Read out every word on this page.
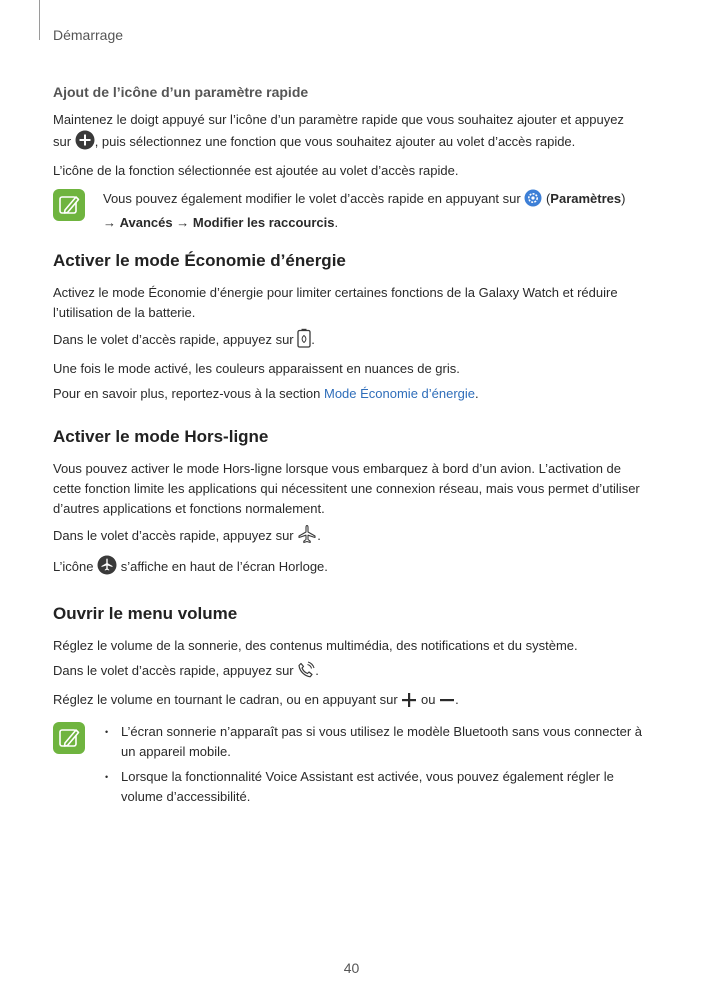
Démarrage
Ajout de l’icône d’un paramètre rapide

Maintenez le doigt appuyé sur l’icône d’un paramètre rapide que vous souhaitez ajouter et appuyez
sur , puis sélectionnez une fonction que vous souhaitez ajouter au volet d’accès rapide.

L’icône de la fonction sélectionnée est ajoutée au volet d’accès rapide.

Vous pouvez également modifier le volet d’accès rapide en appuyant sur (Paramètres)
→ Avancés → Modifier les raccourcis.

Activer le mode Économie d’énergie

Activez le mode Économie d’énergie pour limiter certaines fonctions de la Galaxy Watch et réduire l’utilisation de la batterie.

Dans le volet d’accès rapide, appuyez sur .

Une fois le mode activé, les couleurs apparaissent en nuances de gris.

Pour en savoir plus, reportez-vous à la section Mode Économie d’énergie.

Activer le mode Hors-ligne

Vous pouvez activer le mode Hors-ligne lorsque vous embarquez à bord d’un avion. L’activation de cette fonction limite les applications qui nécessitent une connexion réseau, mais vous permet d’utiliser d’autres applications et fonctions normalement.

Dans le volet d’accès rapide, appuyez sur .

L’icône s’affiche en haut de l’écran Horloge.

Ouvrir le menu volume

Réglez le volume de la sonnerie, des contenus multimédia, des notifications et du système.

Dans le volet d’accès rapide, appuyez sur .

Réglez le volume en tournant le cadran, ou en appuyant sur ou .

• L’écran sonnerie n’apparaît pas si vous utilisez le modèle Bluetooth sans vous connecter à un appareil mobile.
• Lorsque la fonctionnalité Voice Assistant est activée, vous pouvez également régler le volume d’accessibilité.
40
